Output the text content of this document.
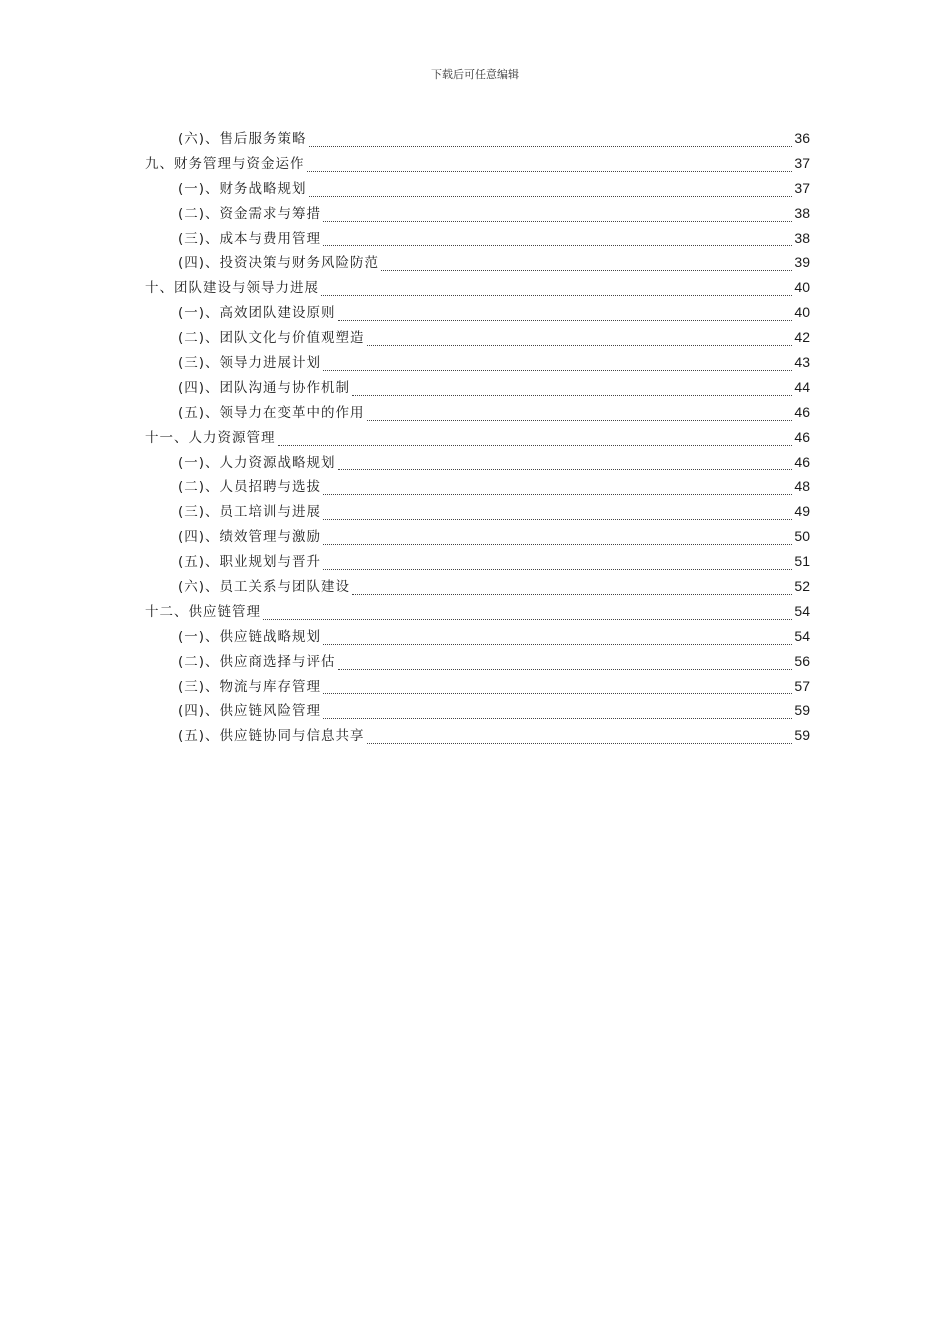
下载后可任意编辑
(六)、售后服务策略	36
九、财务管理与资金运作	37
(一)、财务战略规划	37
(二)、资金需求与筹措	38
(三)、成本与费用管理	38
(四)、投资决策与财务风险防范	39
十、团队建设与领导力进展	40
(一)、高效团队建设原则	40
(二)、团队文化与价值观塑造	42
(三)、领导力进展计划	43
(四)、团队沟通与协作机制	44
(五)、领导力在变革中的作用	46
十一、人力资源管理	46
(一)、人力资源战略规划	46
(二)、人员招聘与选拔	48
(三)、员工培训与进展	49
(四)、绩效管理与激励	50
(五)、职业规划与晋升	51
(六)、员工关系与团队建设	52
十二、供应链管理	54
(一)、供应链战略规划	54
(二)、供应商选择与评估	56
(三)、物流与库存管理	57
(四)、供应链风险管理	59
(五)、供应链协同与信息共享	59
